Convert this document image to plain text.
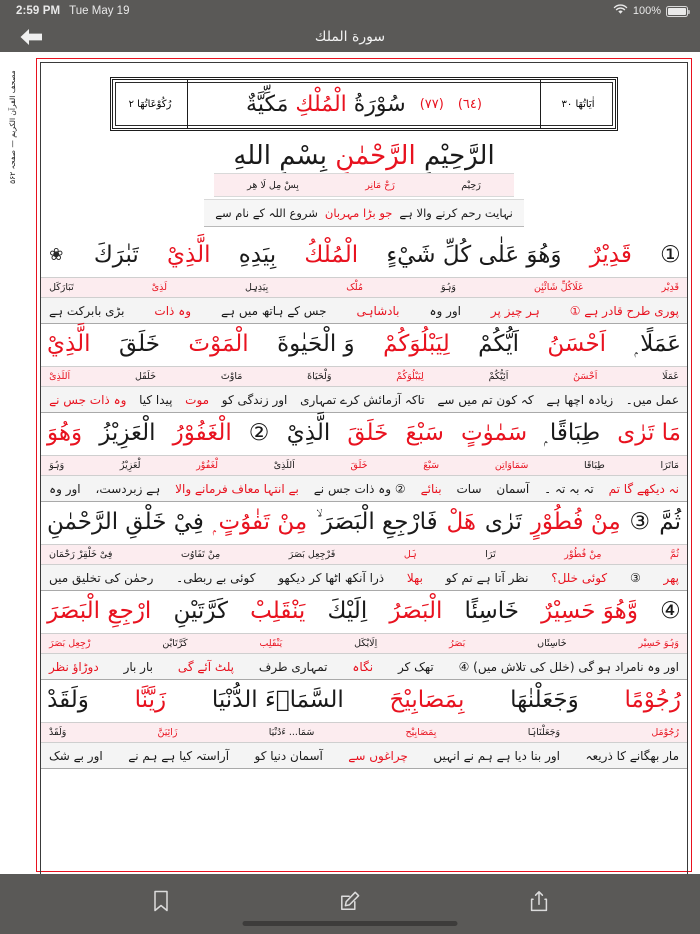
2:59 PM Tue May 19	100%
سورة الملك
مصحف القرآن الكريم — صفحہ ۵۶۲	رُكُوْعَاتُهَا ٢	(٦٤)
(٧٧)
سُوْرَةُ الْمُلْكِ مَكِّيَّةٌ	اٰیَاتُهَا ٣٠
الرَّحِيْمِ الرَّحْمٰنِ بِسْمِ اللهِ
بِسْ مِل لَا هِر	رَحْ مَانِر	رَحِیْم
شروع اللہ کے نام سے جو بڑا مہربان نہایت رحم کرنے والا ہے
❀ تَبٰرَكَ الَّذِيْ بِيَدِهِ الْمُلْكُ وَهُوَ عَلٰى كُلِّ شَيْءٍ قَدِيْرٌ ①
تَبَارَكَل	لَذِیْ	بِیَدِہِل	مُلْک	وَہُوَ	عَلَاکُلِّ شَائْیِٔن	قَدِیْر
بڑی بابرکت ہے وہ ذات جس کے ہاتھ میں ہے بادشاہی اور وہ ہر چیز پر پوری طرح قادر ہے ①
الَّذِيْ خَلَقَ الْمَوْتَ وَ الْحَيٰوةَ لِيَبْلُوَكُمْ اَيُّكُمْ اَحْسَنُ عَمَلًا ۭ
اَللَذِیْ	خَلَقَل	مَاوْتَ	وَلْحَیَاةَ	لِیَبْلُوَکُمْ	اَئِیُّکُمْ	اَحْسَنُ	عَمَلَا
وہ ذات جس نے پیدا کیا موت اور زندگی کو تاکہ آزمائش کرے تمہاری کہ کون تم میں سے زیادہ اچھا ہے عمل میں۔
وَهُوَ الْعَزِيْزُ الْغَفُوْرُ ② الَّذِيْ خَلَقَ سَبْعَ سَمٰوٰتٍ طِبَاقًا ۭ مَا تَرٰى
وَہُوَ	لْعَزِیْزُ	لْغَفُوْر	اَللَذِیْ	خَلَقَ	سَبْعَ	سَمَاوَاتِن	طِبَاقَا	مَاتَرَا
اور وہ ہے زبردست، بے انتہا معاف فرمانے والا ② وہ ذات جس نے بنائے سات آسمان تہ بہ تہ ۔ نہ دیکھے گا تم
فِيْ خَلْقِ الرَّحْمٰنِ مِنْ تَفٰوُتٍ ۭ فَارْجِعِ الْبَصَرَ ۙ هَلْ تَرٰى مِنْ فُطُوْرٍ ③ ثُمَّ
فِیْ خَلْقِرْ رَحْمَان	مِنْ تَفَاوُت	فَرْجِعِل بَصَرَ	ہَل	تَرَا	مِنْ فُطُوْر	ثُمَّ
رحمٰن کی تخلیق میں کوئی بے ربطی۔ ذرا آنکھ اٹھا کر دیکھو بھلا نظر آتا ہے تم کو کوئی خلل؟ ③ پھر
ارْجِعِ الْبَصَرَ كَرَّتَيْنِ يَنْقَلِبْ اِلَيْكَ الْبَصَرُ خَاسِئًا وَّهُوَ حَسِيْرٌ ④
رْجِعِل بَصَرَ	کَرَّتَایْن	یَنْقَلِب	اِلَایْکَل	بَصَرُ	خَاسِئَاں	وَہُوَ حَسِیْر
دوڑاؤ نظر بار بار پلٹ آئے گی تمہاری طرف نگاہ تھک کر اور وہ نامراد ہو گی (خلل کی تلاش میں) ④
وَلَقَدْ زَيَّنَّا السَّمَاۗءَ الدُّنْيَا بِمَصَابِيْحَ وَجَعَلْنٰهَا رُجُوْمًا
وَلَقَدْ	زَائِیَنَّ	سَمَا... ءَدُنْیَا	بِمَصَابِیْح	وَجَعَلْنَاہَا	رُجُوْمَل
اور بے شک آراستہ کیا ہے ہم نے آسمان دنیا کو چراغوں سے اور بنا دیا ہے ہم نے انہیں مار بھگانے کا ذریعہ
